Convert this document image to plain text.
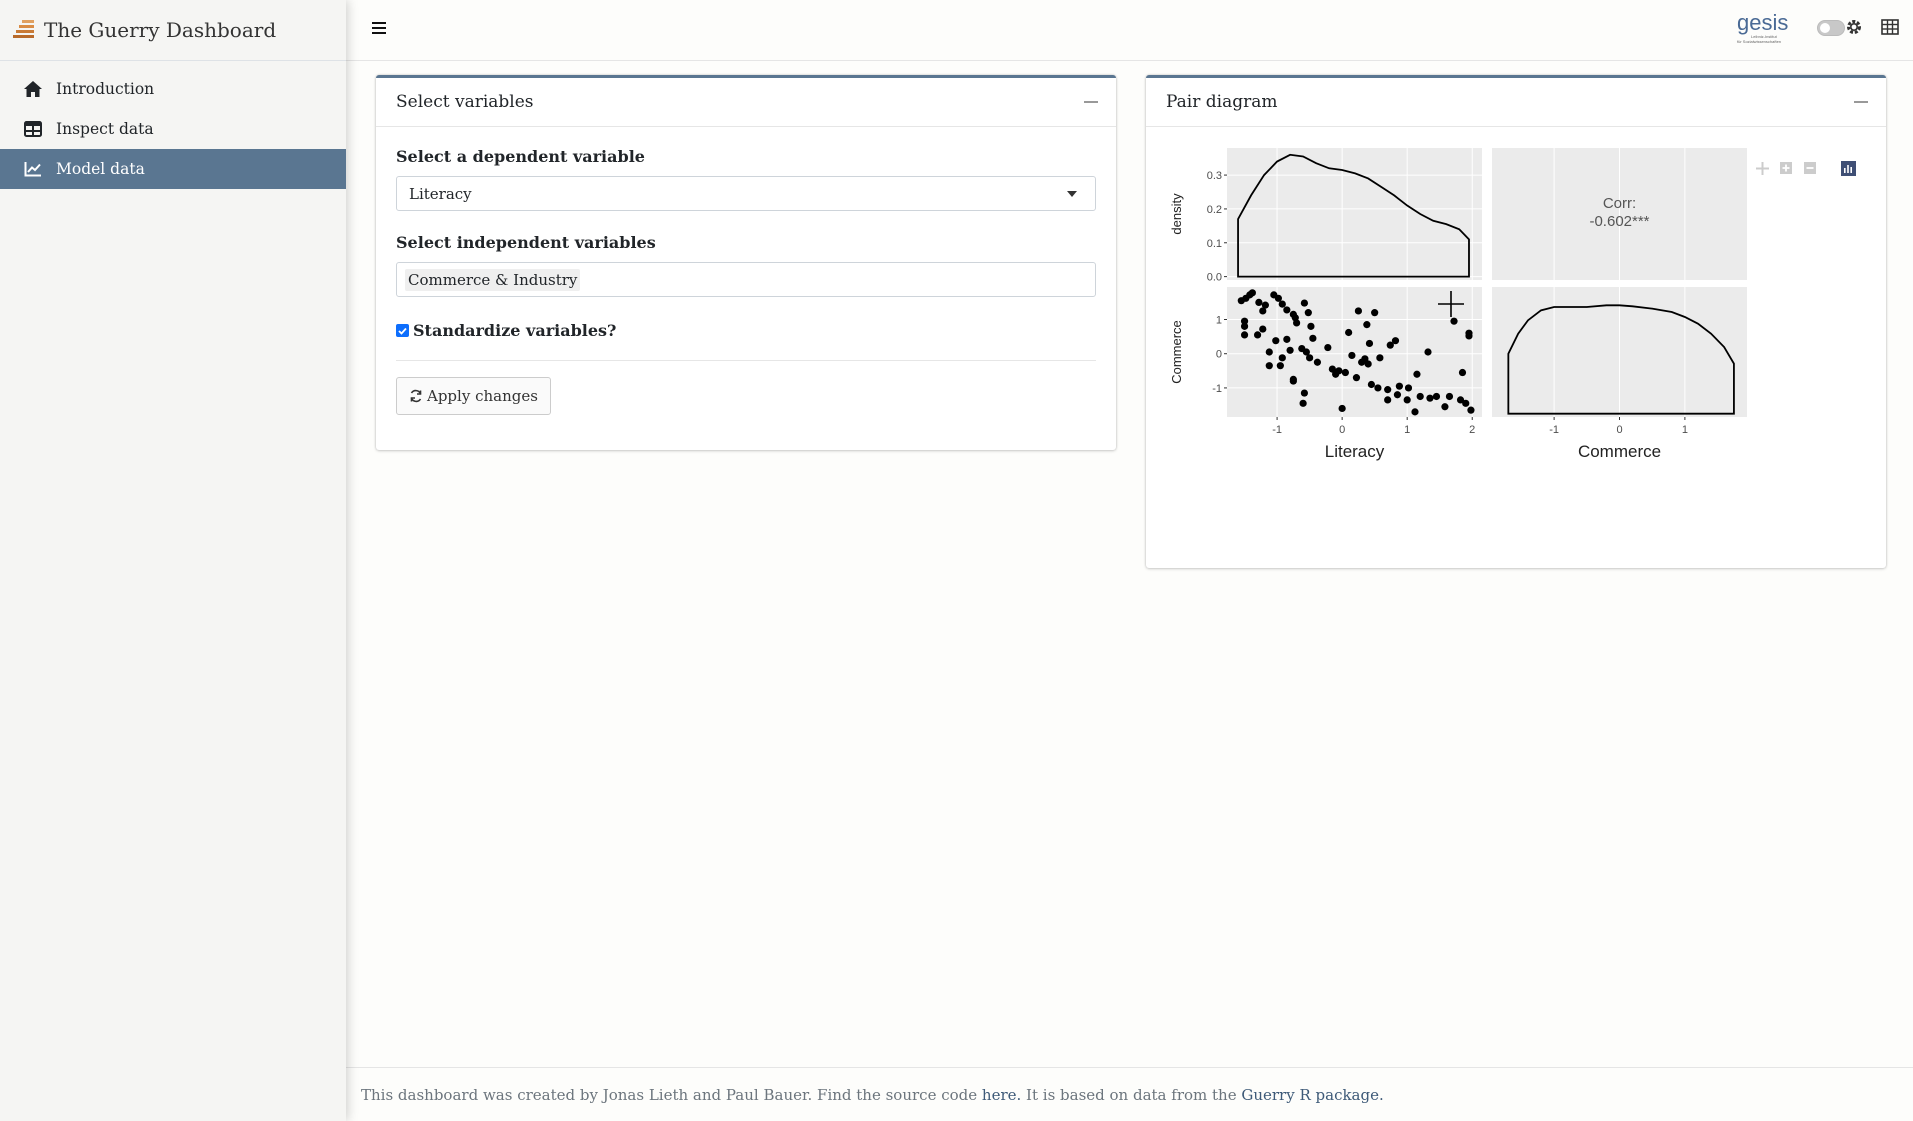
The Guerry Dashboard
Introduction
Inspect data
Model data
gesis
Leibniz-Institut
für Sozialwissenschaften
Select variables
Select a dependent variable
Literacy
Select independent variables
Commerce & Industry
Standardize variables?
Apply changes
Pair diagram
Corr:
-0.602***
0.0
0.1
0.2
0.3
-1
0
1
-1	0	1	2	-1	0	1
Literacy	Commerce
density
Commerce
This dashboard was created by Jonas Lieth and Paul Bauer. Find the source code
here.
It is based on data from the
Guerry R package.
